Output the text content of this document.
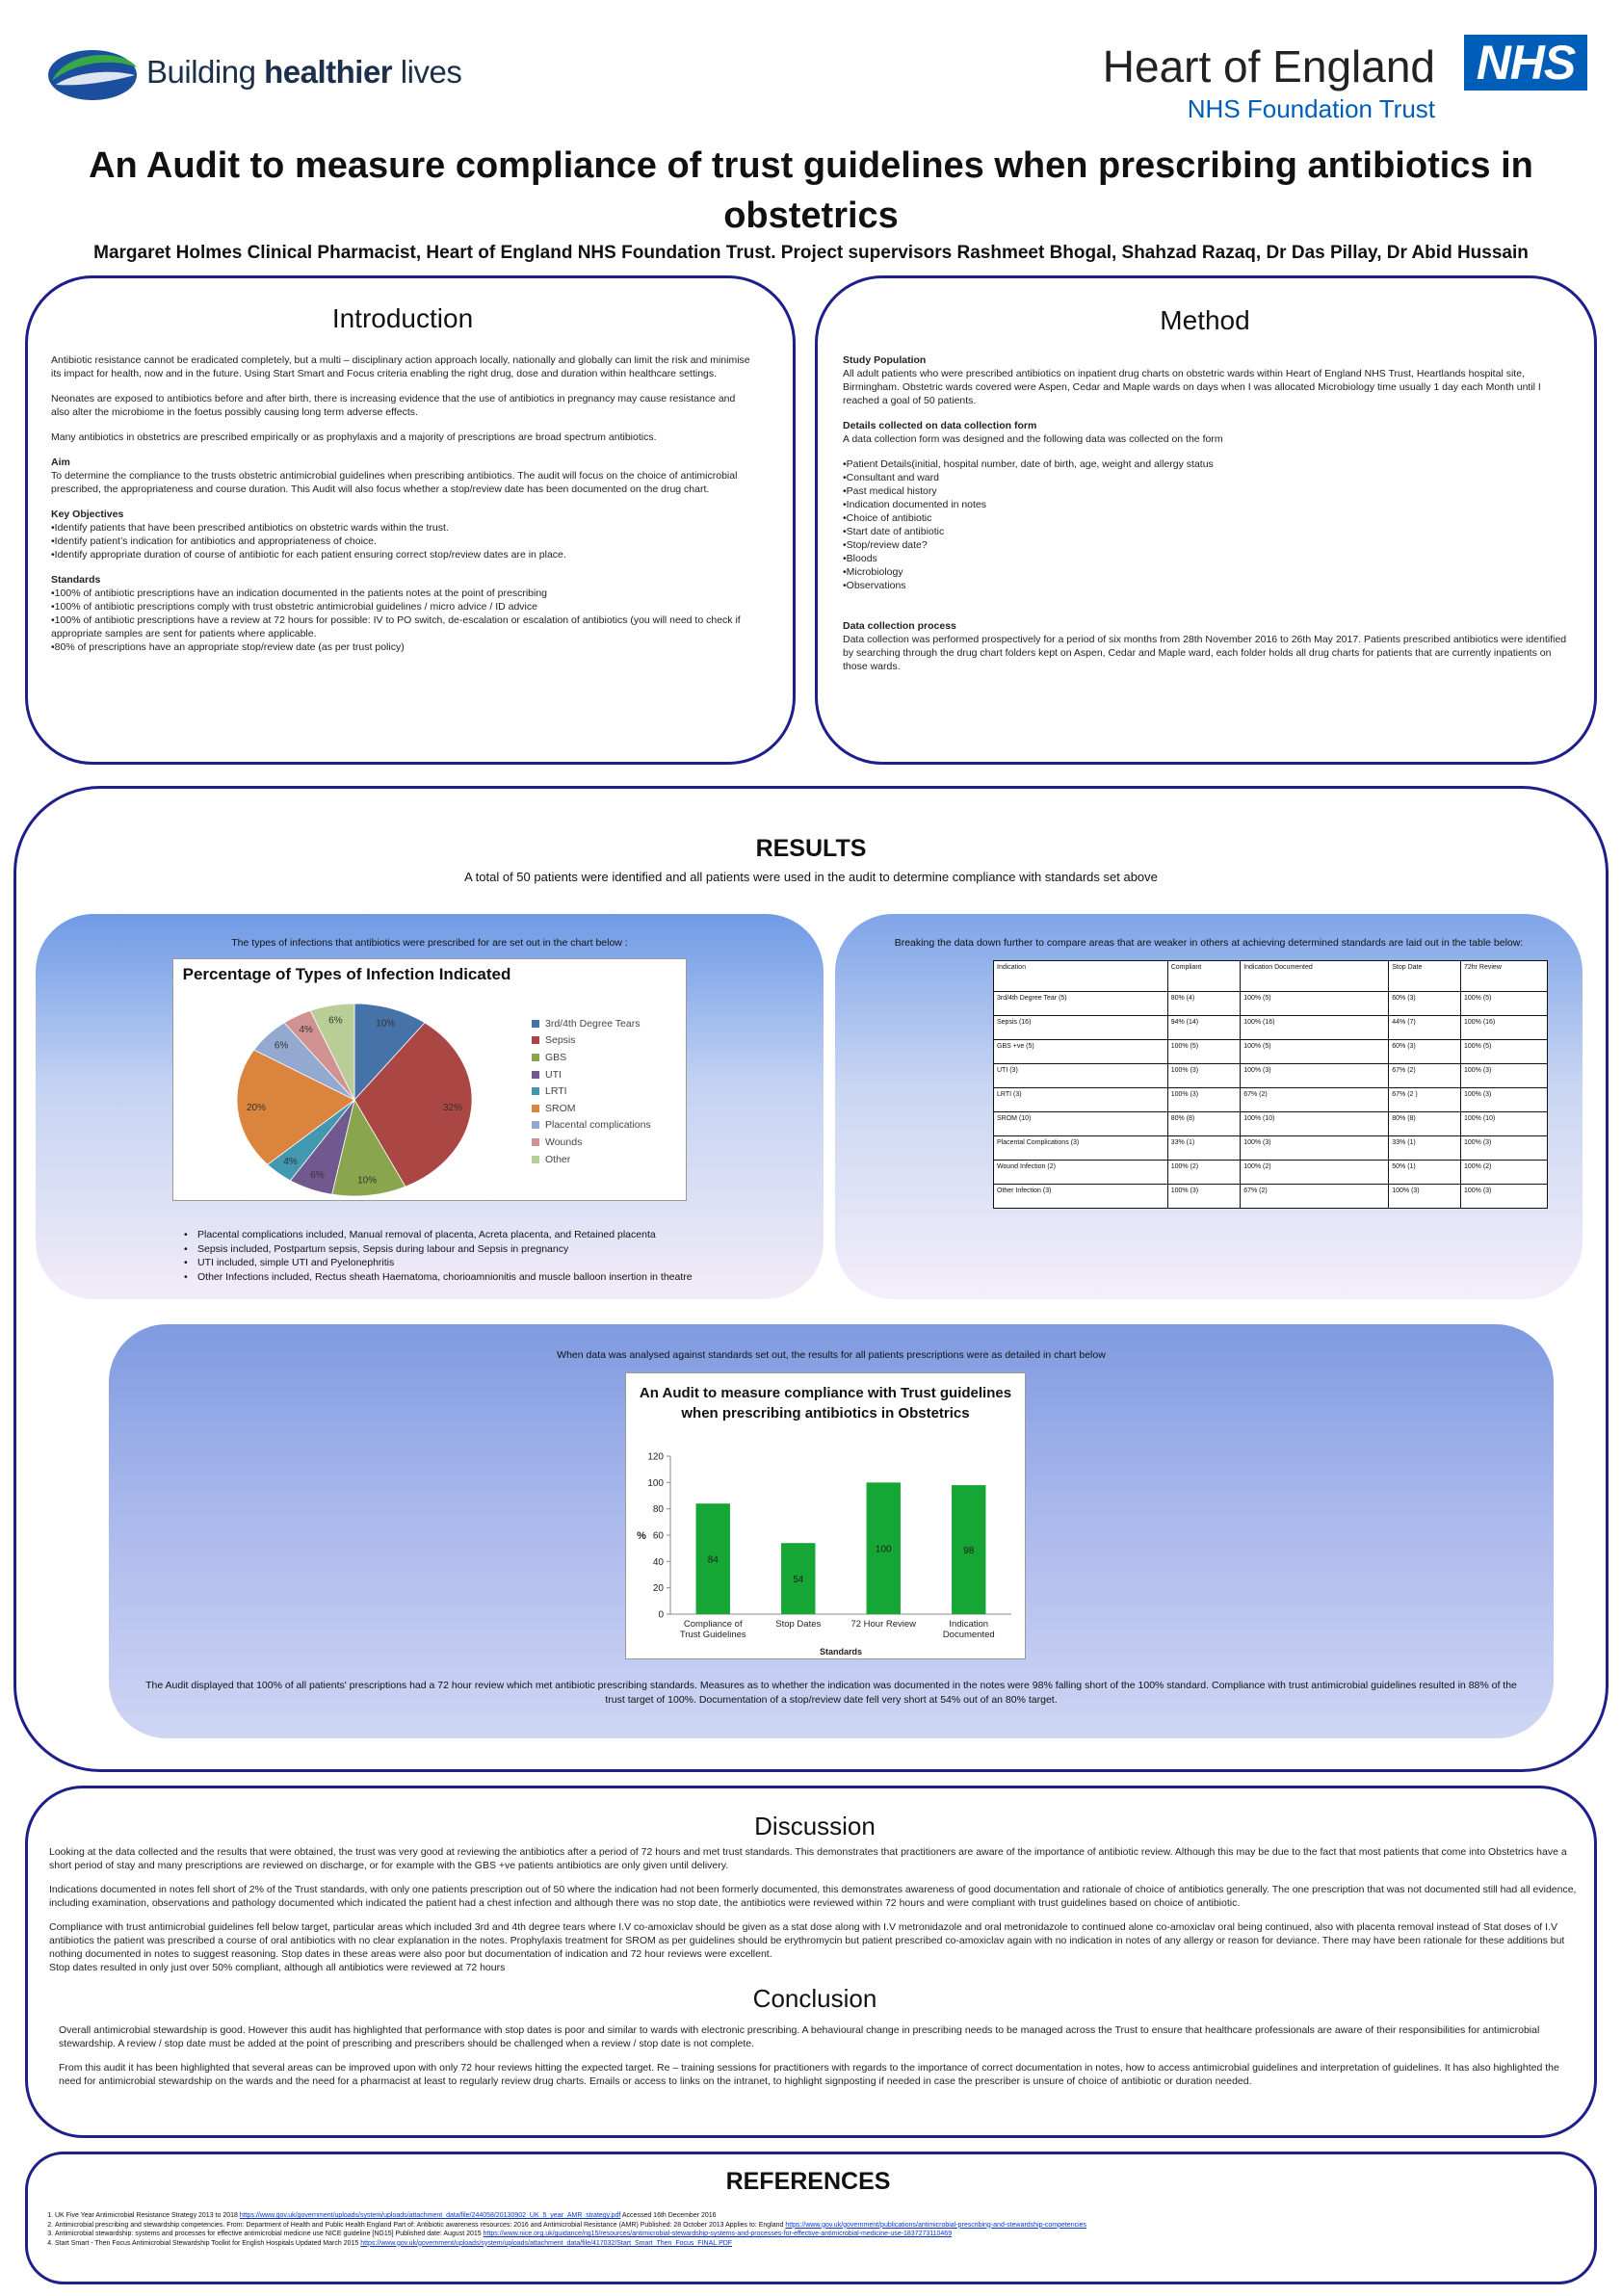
Building healthier lives	Heart of England
NHS Foundation Trust
NHS
An Audit to measure compliance of trust guidelines when prescribing antibiotics in obstetrics
Margaret Holmes Clinical Pharmacist, Heart of England NHS Foundation Trust. Project supervisors Rashmeet Bhogal, Shahzad Razaq, Dr Das Pillay, Dr Abid Hussain
Introduction

Antibiotic resistance cannot be eradicated completely, but a multi – disciplinary action approach locally, nationally and globally can limit the risk and minimise its impact for health, now and in the future. Using Start Smart and Focus criteria enabling the right drug, dose and duration within healthcare settings.

Neonates are exposed to antibiotics before and after birth, there is increasing evidence that the use of antibiotics in pregnancy may cause resistance and also alter the microbiome in the foetus possibly causing long term adverse effects.

Many antibiotics in obstetrics are prescribed empirically or as prophylaxis and a majority of prescriptions are broad spectrum antibiotics.

Aim

To determine the compliance to the trusts obstetric antimicrobial guidelines when prescribing antibiotics. The audit will focus on the choice of antimicrobial prescribed, the appropriateness and course duration. This Audit will also focus whether a stop/review date has been documented on the drug chart.

Key Objectives
•Identify patients that have been prescribed antibiotics on obstetric wards within the trust.
•Identify patient’s indication for antibiotics and appropriateness of choice.
•Identify appropriate duration of course of antibiotic for each patient ensuring correct stop/review dates are in place.
Standards
•100% of antibiotic prescriptions have an indication documented in the patients notes at the point of prescribing
•100% of antibiotic prescriptions comply with trust obstetric antimicrobial guidelines / micro advice / ID advice
•100% of antibiotic prescriptions have a review at 72 hours for possible: IV to PO switch, de-escalation or escalation of antibiotics (you will need to check if appropriate samples are sent for patients where applicable.
•80% of prescriptions have an appropriate stop/review date (as per trust policy)
Method
Study Population

All adult patients who were prescribed antibiotics on inpatient drug charts on obstetric wards within Heart of England NHS Trust, Heartlands hospital site, Birmingham. Obstetric wards covered were Aspen, Cedar and Maple wards on days when I was allocated Microbiology time usually 1 day each Month until I reached a goal of 50 patients.

Details collected on data collection form

A data collection form was designed and the following data was collected on the form

•Patient Details(initial, hospital number, date of birth, age, weight and allergy status
•Consultant and ward
•Past medical history
•Indication documented in notes
•Choice of antibiotic
•Start date of antibiotic
•Stop/review date?
•Bloods
•Microbiology
•Observations
Data collection process

Data collection was performed prospectively for a period of six months from 28th November 2016 to 26th May 2017. Patients prescribed antibiotics were identified by searching through the drug chart folders kept on Aspen, Cedar and Maple ward, each folder holds all drug charts for patients that are currently inpatients on those wards.

RESULTS
A total of 50 patients were identified and all patients were used in the audit to determine compliance with standards set above
The types of infections that antibiotics were prescribed for are set out in the chart below :
Percentage of Types of Infection Indicated
10%
32%
10%
6%
4%
20%
6%
4%
6%	3rd/4th Degree Tears
Sepsis
GBS
UTI
LRTI
SROM
Placental complications
Wounds
Other
• Placental complications included, Manual removal of placenta, Acreta placenta, and Retained placenta
• Sepsis included, Postpartum sepsis, Sepsis during labour and Sepsis in pregnancy
• UTI included, simple UTI and Pyelonephritis
• Other Infections included, Rectus sheath Haematoma, chorioamnionitis and muscle balloon insertion in theatre
Breaking the data down further to compare areas that are weaker in others at achieving determined standards are laid out in the table below:
Indication	Compliant	Indication Documented	Stop Date	72hr Review
3rd/4th Degree Tear (5)	80% (4)	100% (5)	60% (3)	100% (5)
Sepsis (16)	94% (14)	100% (16)	44% (7)	100% (16)
GBS +ve (5)	100% (5)	100% (5)	60% (3)	100% (5)
UTI (3)	100% (3)	100% (3)	67% (2)	100% (3)
LRTI (3)	100% (3)	67% (2)	67% (2 )	100% (3)
SROM (10)	80% (8)	100% (10)	80% (8)	100% (10)
Placental Complications (3)	33% (1)	100% (3)	33% (1)	100% (3)
Wound Infection (2)	100% (2)	100% (2)	50% (1)	100% (2)
Other Infection (3)	100% (3)	67% (2)	100% (3)	100% (3)
When data was analysed against standards set out, the results for all patients prescriptions were as detailed in chart below
An Audit to measure compliance with Trust guidelines when prescribing antibiotics in Obstetrics
0
20
40
60
80
100
120
%
84
Compliance of Trust Guidelines
54
Stop Dates
100
72 Hour Review
98
Indication Documented
Standards
The Audit displayed that 100% of all patients' prescriptions had a 72 hour review which met antibiotic prescribing standards. Measures as to whether the indication was documented in the notes were 98% falling short of the 100% standard. Compliance with trust antimicrobial guidelines resulted in 88% of the trust target of 100%. Documentation of a stop/review date fell very short at 54% out of an 80% target.
Discussion

Looking at the data collected and the results that were obtained, the trust was very good at reviewing the antibiotics after a period of 72 hours and met trust standards. This demonstrates that practitioners are aware of the importance of antibiotic review. Although this may be due to the fact that most patients that come into Obstetrics have a short period of stay and many prescriptions are reviewed on discharge, or for example with the GBS +ve patients antibiotics are only given until delivery.

Indications documented in notes fell short of 2% of the Trust standards, with only one patients prescription out of 50 where the indication had not been formerly documented, this demonstrates awareness of good documentation and rationale of choice of antibiotics generally. The one prescription that was not documented still had all evidence, including examination, observations and pathology documented which indicated the patient had a chest infection and although there was no stop date, the antibiotics were reviewed within 72 hours and were compliant with trust guidelines based on choice of antibiotic.

Compliance with trust antimicrobial guidelines fell below target, particular areas which included 3rd and 4th degree tears where I.V co-amoxiclav should be given as a stat dose along with I.V metronidazole and oral metronidazole to continued alone co-amoxiclav oral being continued, also with placenta removal instead of Stat doses of I.V antibiotics the patient was prescribed a course of oral antibiotics with no clear explanation in the notes. Prophylaxis treatment for SROM as per guidelines should be erythromycin but patient prescribed co-amoxiclav again with no indication in notes of any allergy or reason for deviance. There may have been rationale for these additions but nothing documented in notes to suggest reasoning. Stop dates in these areas were also poor but documentation of indication and 72 hour reviews were excellent.
Stop dates resulted in only just over 50% compliant, although all antibiotics were reviewed at 72 hours
Conclusion

Overall antimicrobial stewardship is good. However this audit has highlighted that performance with stop dates is poor and similar to wards with electronic prescribing. A behavioural change in prescribing needs to be managed across the Trust to ensure that healthcare professionals are aware of their responsibilities for antimicrobial stewardship. A review / stop date must be added at the point of prescribing and prescribers should be challenged when a review / stop date is not complete.

From this audit it has been highlighted that several areas can be improved upon with only 72 hour reviews hitting the expected target. Re – training sessions for practitioners with regards to the importance of correct documentation in notes, how to access antimicrobial guidelines and interpretation of guidelines. It has also highlighted the need for antimicrobial stewardship on the wards and the need for a pharmacist at least to regularly review drug charts. Emails or access to links on the intranet, to highlight signposting if needed in case the prescriber is unsure of choice of antibiotic or duration needed.

REFERENCES
1. UK Five Year Antimicrobial Resistance Strategy 2013 to 2018 https://www.gov.uk/government/uploads/system/uploads/attachment_data/file/244058/20130902_UK_5_year_AMR_strategy.pdf Accessed 16th December 2016
2. Antimicrobial prescribing and stewardship competencies. From: Department of Health and Public Health England Part of: Antibiotic awareness resources: 2016 and Antimicrobial Resistance (AMR) Published: 28 October 2013 Applies to: England https://www.gov.uk/government/publications/antimicrobial-prescribing-and-stewardship-competencies
3. Antimicrobial stewardship: systems and processes for effective antimicrobial medicine use NICE guideline [NG15] Published date: August 2015 https://www.nice.org.uk/guidance/ng15/resources/antimicrobial-stewardship-systems-and-processes-for-effective-antimicrobial-medicine-use-1837273110469
4. Start Smart - Then Focus Antimicrobial Stewardship Toolkit for English Hospitals Updated March 2015 https://www.gov.uk/government/uploads/system/uploads/attachment_data/file/417032/Start_Smart_Then_Focus_FINAL.PDF
